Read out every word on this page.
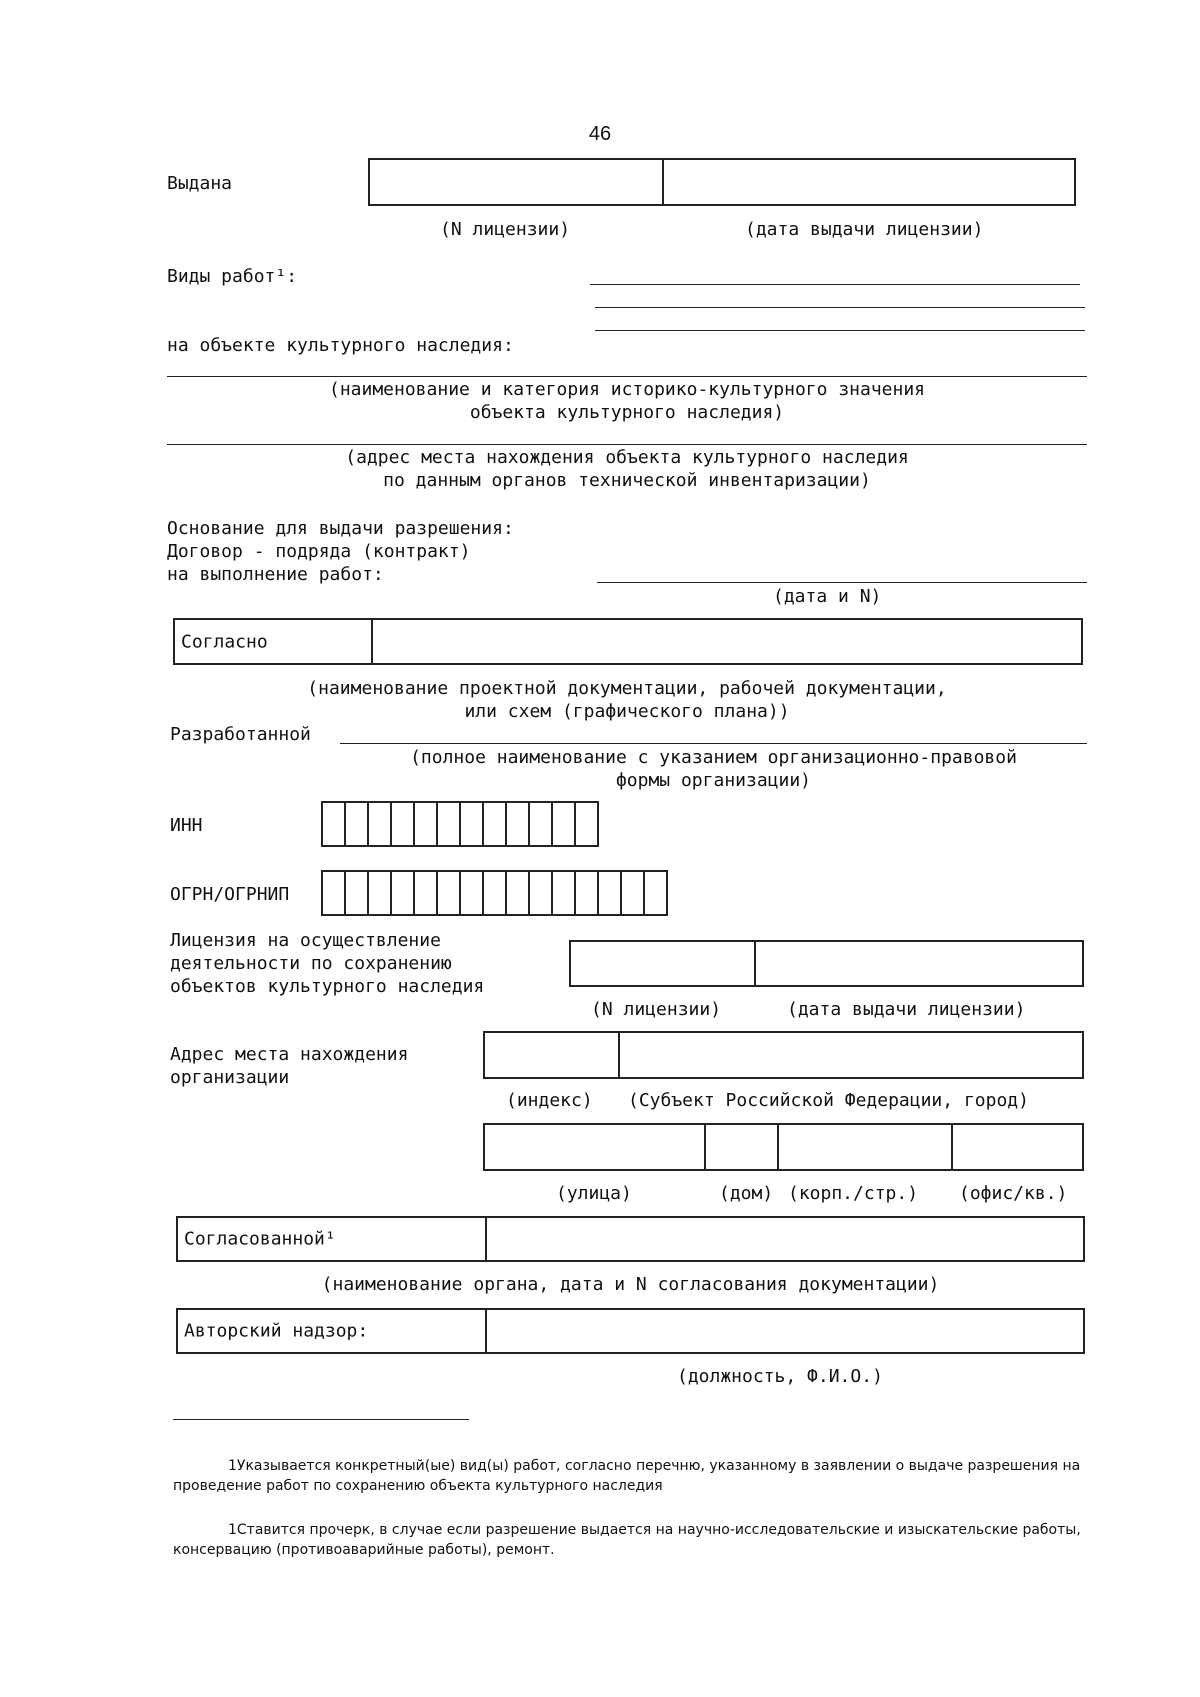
46
Выдана
(N лицензии)	(дата выдачи лицензии)
Виды работ¹:
на объекте культурного наследия:
(наименование и категория историко-культурного значения
объекта культурного наследия)
(адрес места нахождения объекта культурного наследия
по данным органов технической инвентаризации)
Основание для выдачи разрешения:
Договор - подряда (контракт)
на выполнение работ:
(дата и N)
Согласно
(наименование проектной документации, рабочей документации,
или схем (графического плана))
Разработанной
(полное наименование с указанием организационно-правовой
формы организации)
ИНН
ОГРН/ОГРНИП
Лицензия на осуществление
деятельности по сохранению
объектов культурного наследия
(N лицензии)	(дата выдачи лицензии)
Адрес места нахождения
организации
(индекс) (Субъект Российской Федерации, город)
(улица)	(дом) (корп./стр.) (офис/кв.)
Согласованной¹
(наименование органа, дата и N согласования документации)
Авторский надзор:
(должность, Ф.И.О.)
1Указывается конкретный(ые) вид(ы) работ, согласно перечню, указанному в заявлении о выдаче разрешения на проведение работ по сохранению объекта культурного наследия
1Ставится прочерк, в случае если разрешение выдается на научно-исследовательские и изыскательские работы, консервацию (противоаварийные работы), ремонт.
